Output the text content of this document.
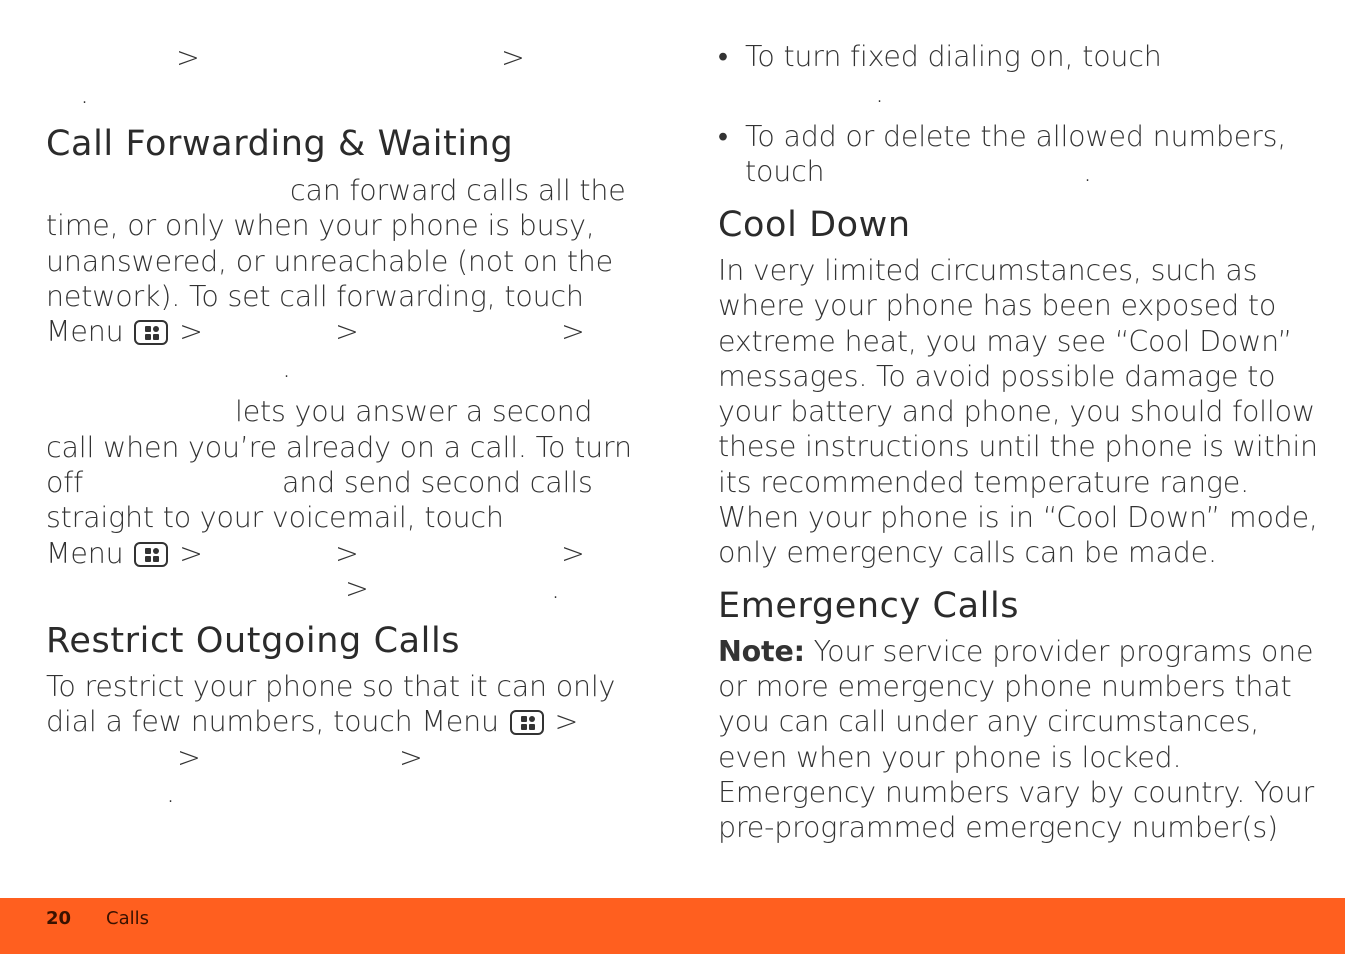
>	>
.
Call Forwarding & Waiting
can forward calls all the
time, or only when your phone is busy,
unanswered, or unreachable (not on the
network). To set call forwarding, touch
Menu >	>	>
.
lets you answer a second
call when you’re already on a call. To turn
off	and send second calls
straight to your voicemail, touch
Menu >	>	>
>	.
Restrict Outgoing Calls
To restrict your phone so that it can only
dial a few numbers, touch Menu >
>	>
.
• To turn fixed dialing on, touch
.
• To add or delete the allowed numbers,
touch	.
Cool Down
In very limited circumstances, such as
where your phone has been exposed to
extreme heat, you may see “Cool Down”
messages. To avoid possible damage to
your battery and phone, you should follow
these instructions until the phone is within
its recommended temperature range.
When your phone is in “Cool Down” mode,
only emergency calls can be made.
Emergency Calls
Note: Your service provider programs one
or more emergency phone numbers that
you can call under any circumstances,
even when your phone is locked.
Emergency numbers vary by country. Your
pre-programmed emergency number(s)
20 Calls
